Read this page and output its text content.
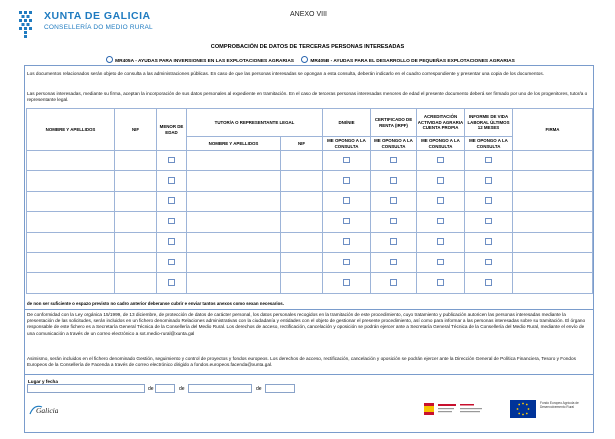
XUNTA DE GALICIA
CONSELLERÍA DO MEDIO RURAL
ANEXO VIII
COMPROBACIÓN DE DATOS DE TERCERAS PERSONAS INTERESADAS
MR405A - AYUDAS PARA INVERSIONES EN LAS EXPLOTACIONES AGRARIAS	MR405B - AYUDAS PARA EL DESARROLLO DE PEQUEÑAS EXPLOTACIONES AGRARIAS
Los documentos relacionados serán objeto de consulta a las administraciones públicas. En caso de que las personas interesadas se opongan a esta consulta, deberán indicarlo en el cuadro correspondiente y presentar una copia de los documentos.
Las personas interesadas, mediante su firma, aceptan la incorporación de sus datos personales al expediente en tramitación. En el caso de terceras personas interesadas menores de edad el presente documento deberá ser firmado por uno de los progenitores, tutor/a o representante legal.
NOMBRE Y APELLIDOS	NIF	MENOR DE EDAD	TUTOR/A O REPRESENTANTE LEGAL		DNI/NIE	CERTIFICADO DE RENTA (IRPF)	ACREDITACIÓN ACTIVIDAD AGRARIA CUENTA PROPIA	INFORME DE VIDA LABORAL ÚLTIMOS 12 MESES	FIRMA

			NOMBRE Y APELLIDOS	NIF	ME OPONGO A LA CONSULTA	ME OPONGO A LA CONSULTA	ME OPONGO A LA CONSULTA	ME OPONGO A LA CONSULTA	

de non ser suficiente o espazo previsto no cadro anterior deberanse cubrir e enviar tantos anexos como sexan necesarios.
De conformidad con la Ley orgánica 15/1999, de 13 diciembre, de protección de datos de carácter personal, los datos personales recogidos en la tramitación de este procedimiento, cuyo tratamiento y publicación autoricen las personas interesadas mediante la presentación de las solicitudes, serán incluidos en un fichero denominado Relaciones administrativas con la ciudadanía y entidades con el objeto de gestionar el presente procedimiento, así como para informar a las personas interesadas sobre su tramitación. El órgano responsable de este fichero es a Secretaría General Técnica de la Consellería del Medio Rural. Los derechos de acceso, rectificación, cancelación y oposición se podrán ejercer ante a Secretaría General Técnica de la Consellería del Medio Rural, mediante el envío de una comunicación a través de un correo electrónico a sxt.medio-rural@xunta.gal
Asimismo, serán incluidos en el fichero denominado Gestión, seguimiento y control de proyectos y fondos europeos. Los derechos de acceso, rectificación, cancelación y oposición se podrán ejercer ante la Dirección General de Política Financiera, Tesoro y Fondos Europeos de la Consellería de Facenda a través de correo electrónico dirigido a fondos.europeos.facenda@xunta.gal.
Lugar y fecha
de	de	de
Galicia
Fondo Europeo Agrícola de Desenvolvemento Rural
